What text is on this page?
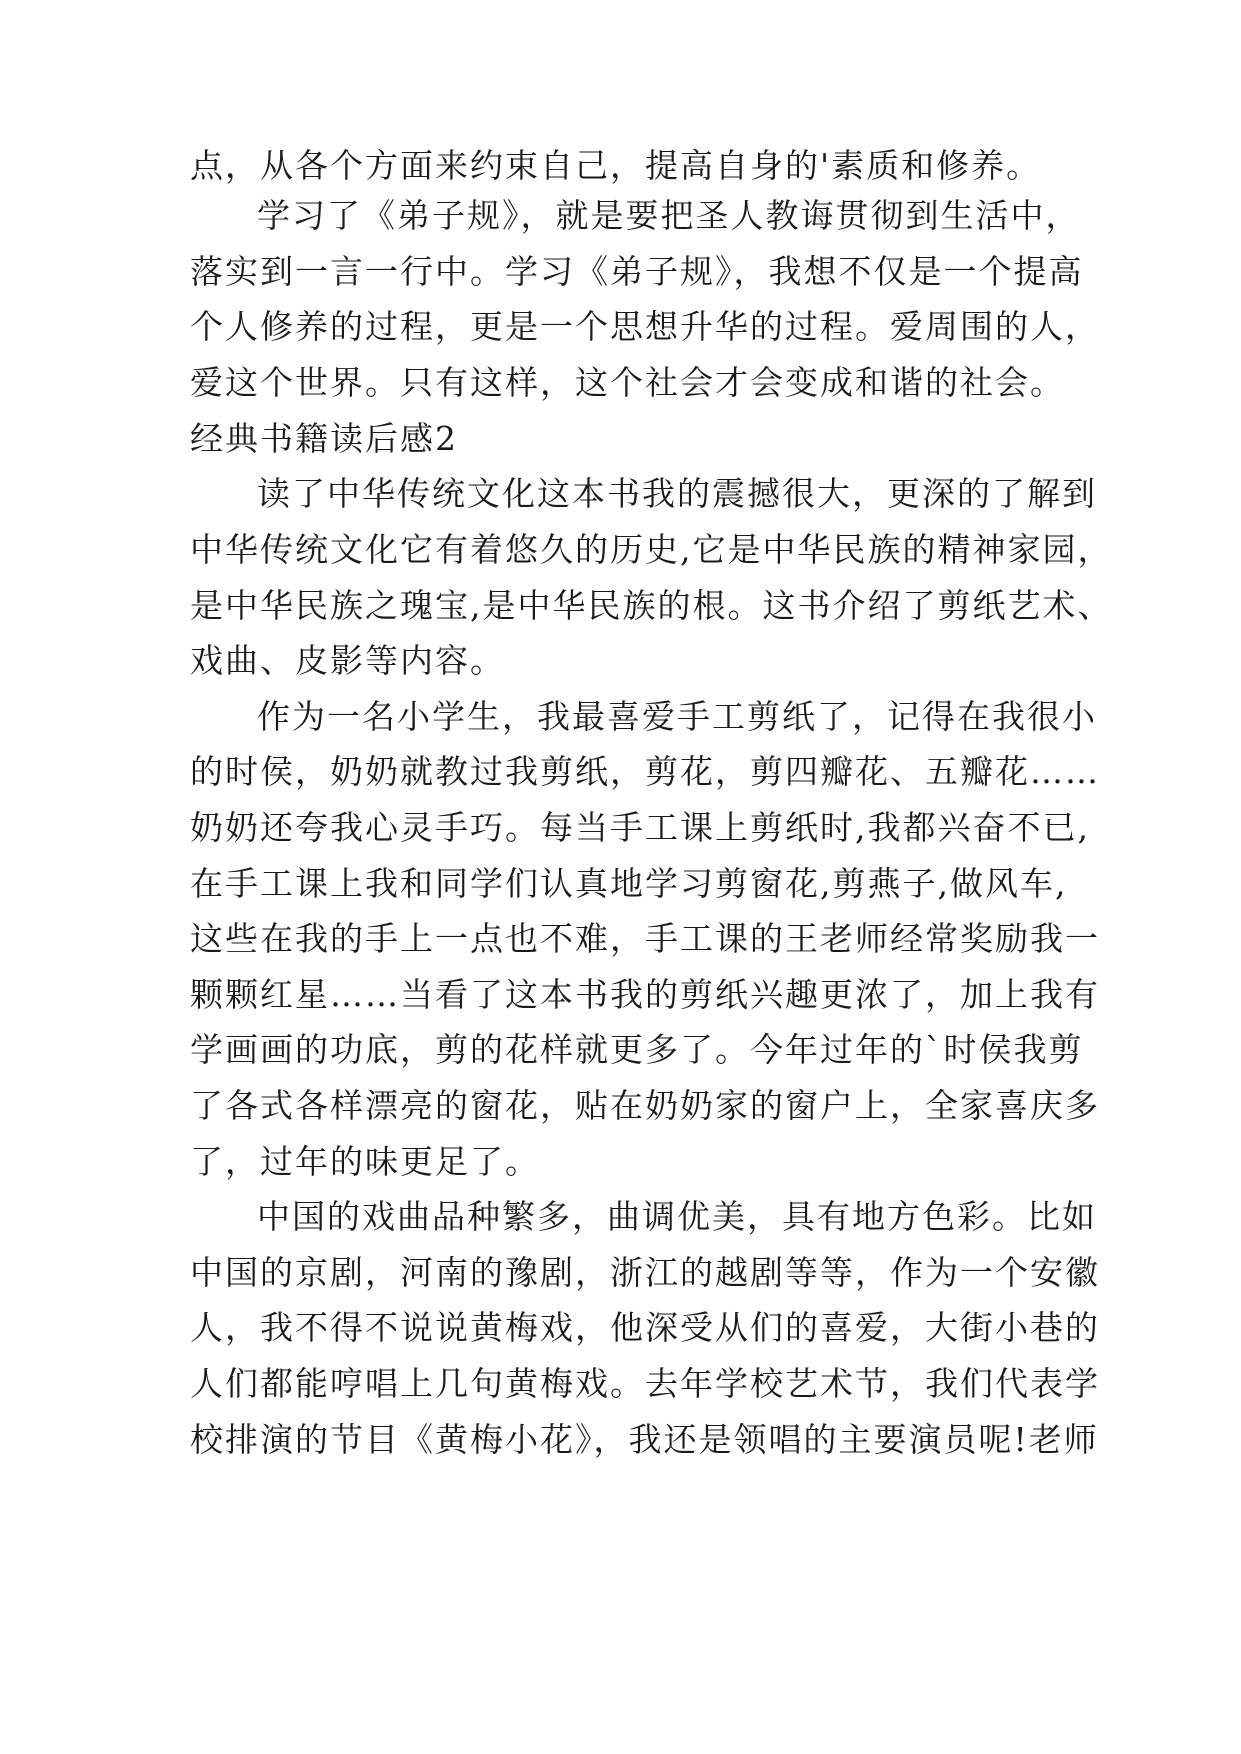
点，从各个方面来约束自己，提高自身的'素质和修养。
学习了《弟子规》，就是要把圣人教诲贯彻到生活中，
落实到一言一行中。学习《弟子规》，我想不仅是一个提高
个人修养的过程，更是一个思想升华的过程。爱周围的人，
爱这个世界。只有这样，这个社会才会变成和谐的社会。
经典书籍读后感2
读了中华传统文化这本书我的震撼很大，更深的了解到
中华传统文化它有着悠久的历史,它是中华民族的精神家园，
是中华民族之瑰宝,是中华民族的根。这书介绍了剪纸艺术、
戏曲、皮影等内容。
作为一名小学生，我最喜爱手工剪纸了，记得在我很小
的时侯，奶奶就教过我剪纸，剪花，剪四瓣花、五瓣花……
奶奶还夸我心灵手巧。每当手工课上剪纸时,我都兴奋不已,
在手工课上我和同学们认真地学习剪窗花,剪燕子,做风车,
这些在我的手上一点也不难，手工课的王老师经常奖励我一
颗颗红星……当看了这本书我的剪纸兴趣更浓了，加上我有
学画画的功底，剪的花样就更多了。今年过年的`时侯我剪
了各式各样漂亮的窗花，贴在奶奶家的窗户上，全家喜庆多
了，过年的味更足了。
中国的戏曲品种繁多，曲调优美，具有地方色彩。比如
中国的京剧，河南的豫剧，浙江的越剧等等，作为一个安徽
人，我不得不说说黄梅戏，他深受从们的喜爱，大街小巷的
人们都能哼唱上几句黄梅戏。去年学校艺术节，我们代表学
校排演的节目《黄梅小花》，我还是领唱的主要演员呢!老师
